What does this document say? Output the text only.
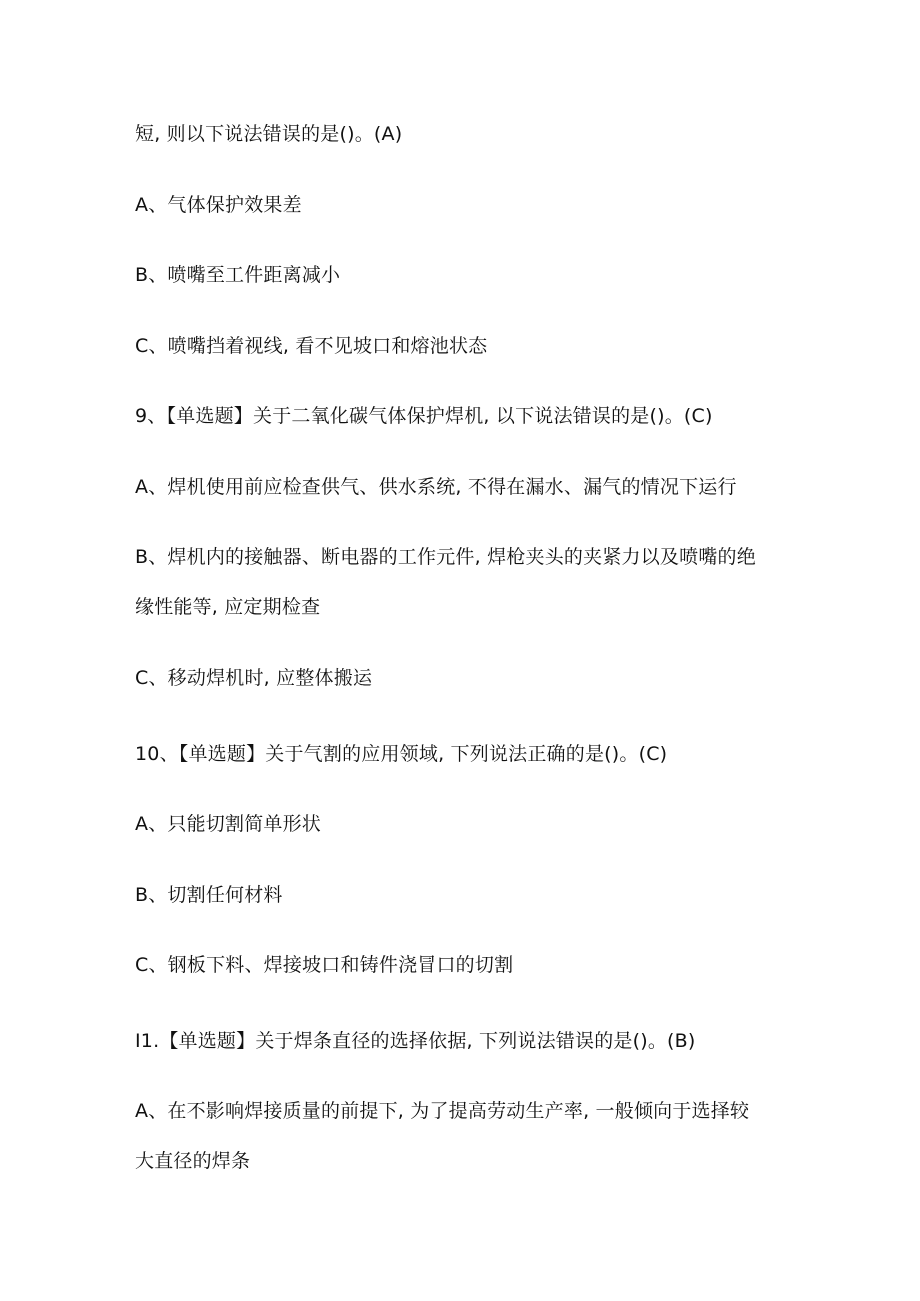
短, 则以下说法错误的是()。(A)
A、气体保护效果差
B、喷嘴至工件距离减小
C、喷嘴挡着视线, 看不见坡口和熔池状态
9、【单选题】关于二氧化碳气体保护焊机, 以下说法错误的是()。(C)
A、焊机使用前应检查供气、供水系统, 不得在漏水、漏气的情况下运行
B、焊机内的接触器、断电器的工作元件, 焊枪夹头的夹紧力以及喷嘴的绝
缘性能等, 应定期检查
C、移动焊机时, 应整体搬运
10、【单选题】关于气割的应用领域, 下列说法正确的是()。(C)
A、只能切割简单形状
B、切割任何材料
C、钢板下料、焊接坡口和铸件浇冒口的切割
I1.【单选题】关于焊条直径的选择依据, 下列说法错误的是()。(B)
A、在不影响焊接质量的前提下, 为了提高劳动生产率, 一般倾向于选择较
大直径的焊条
